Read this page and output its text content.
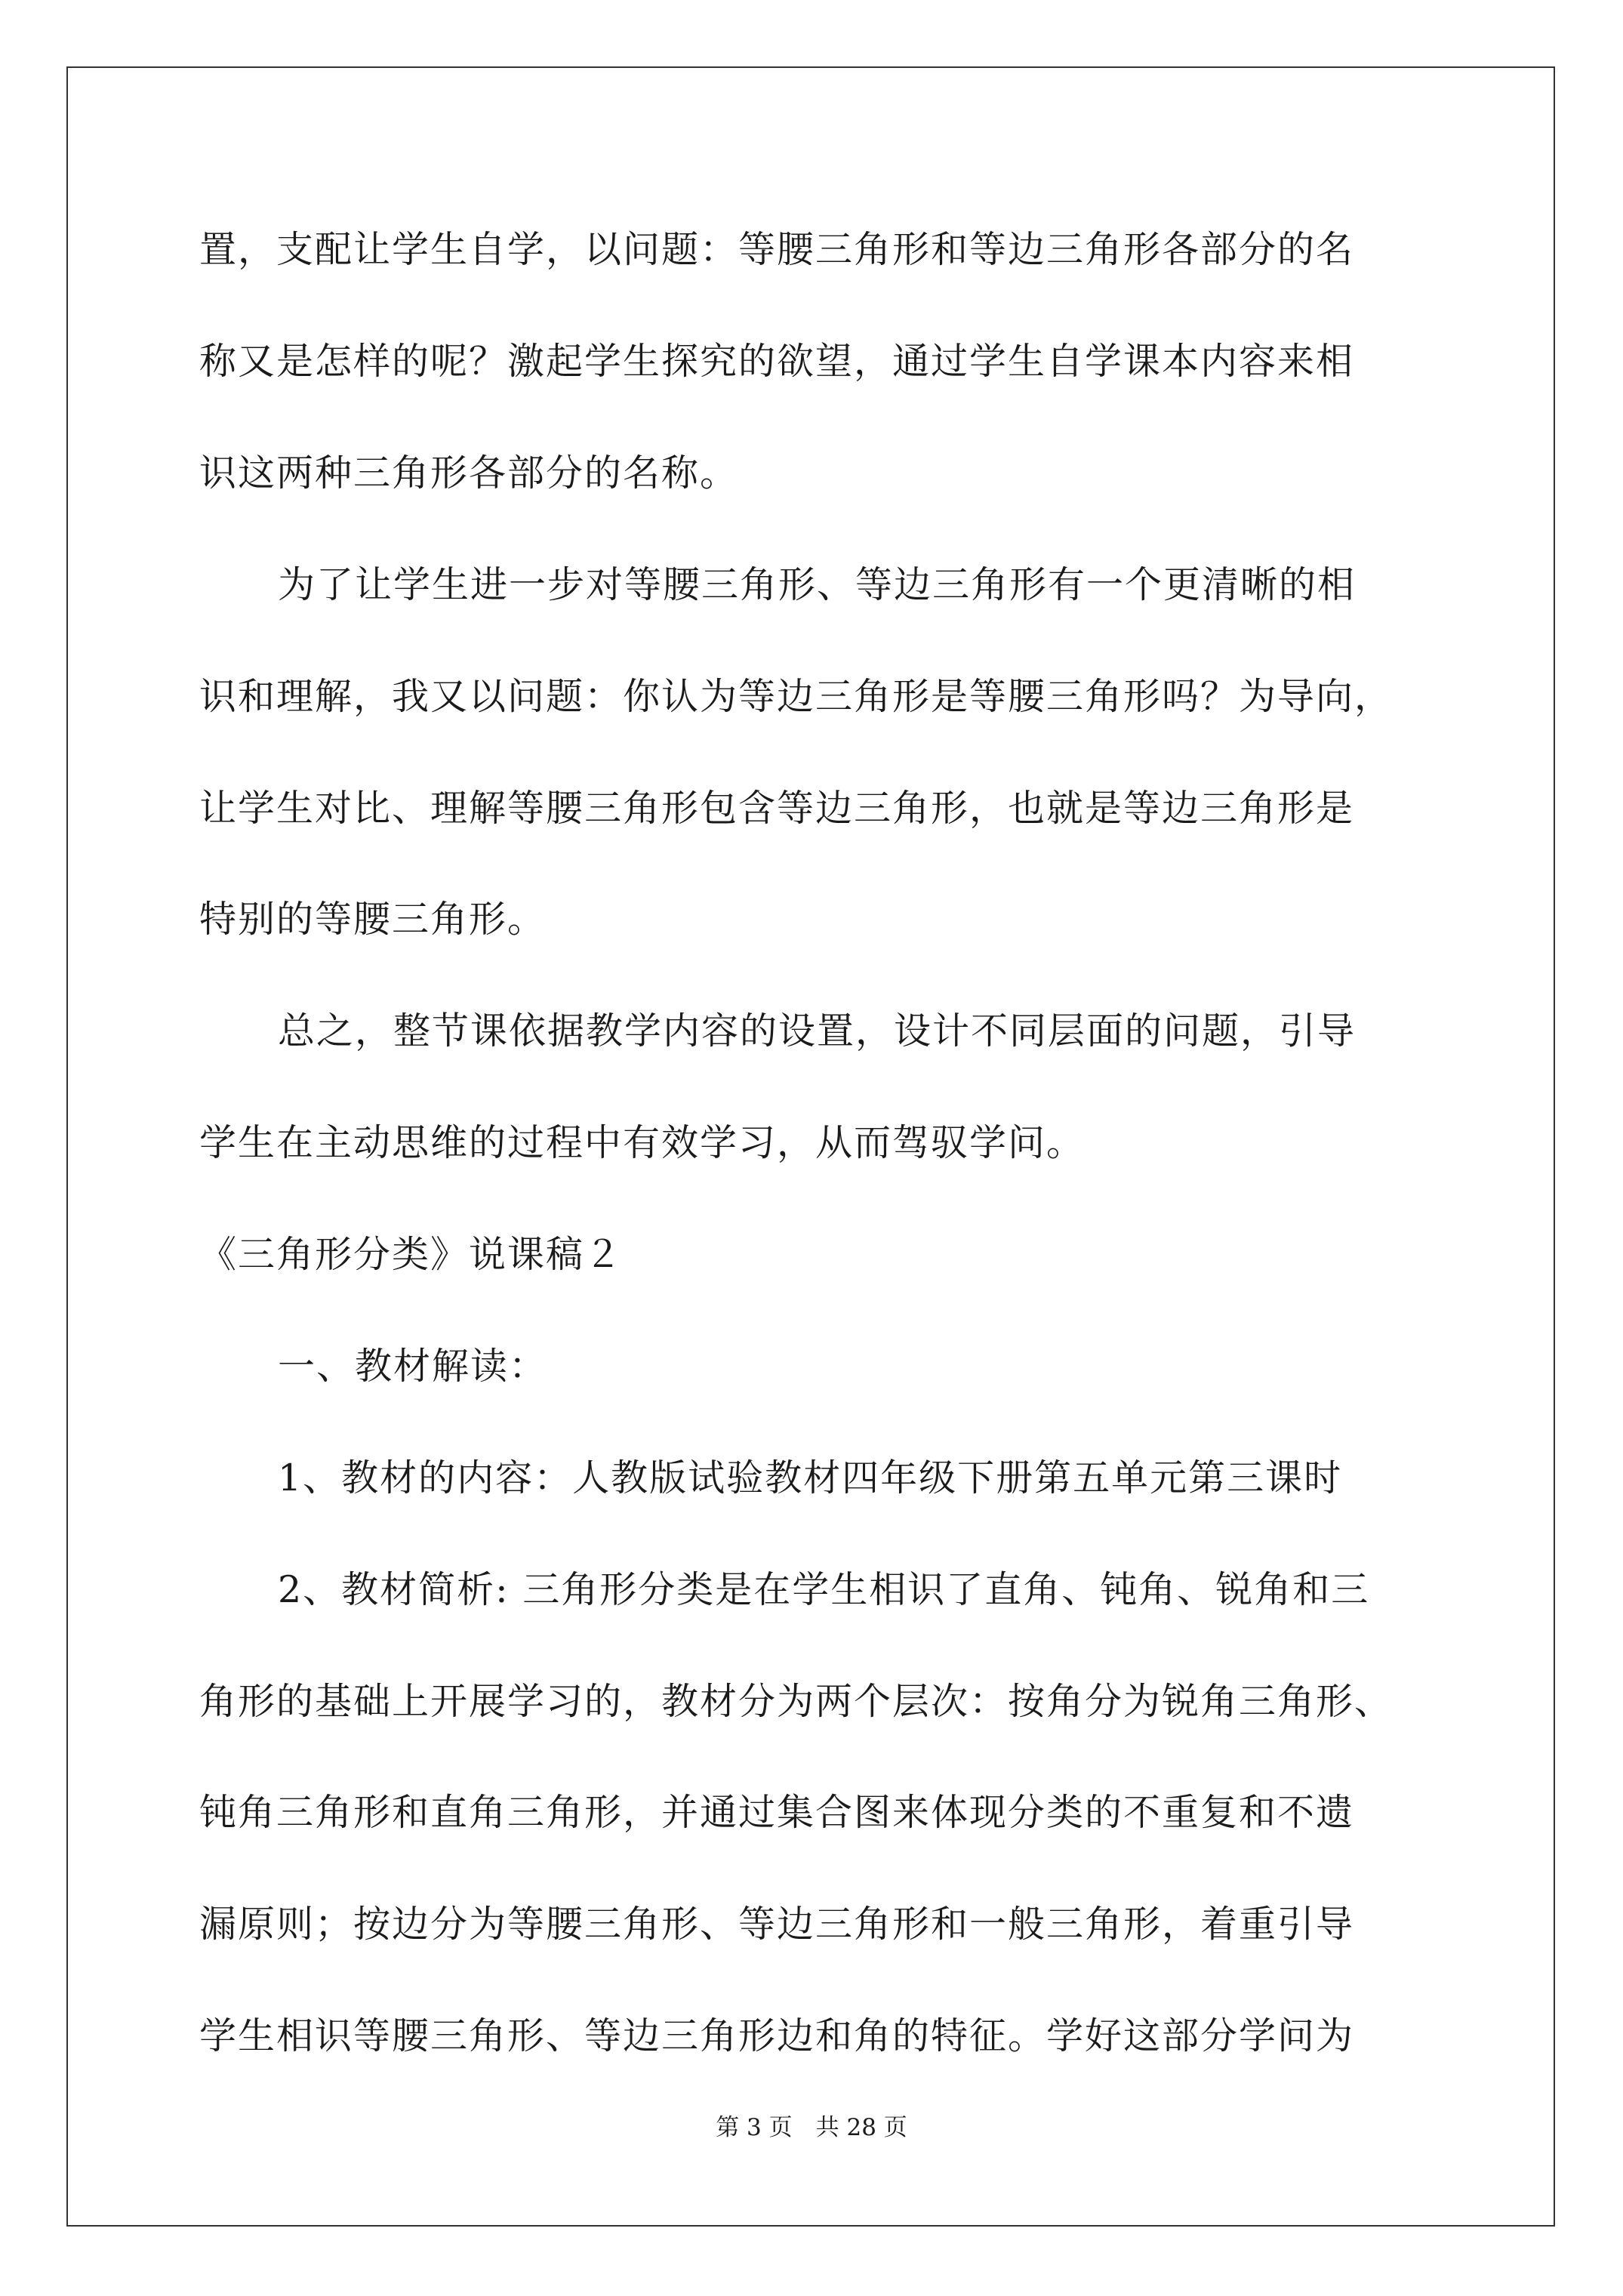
置，支配让学生自学，以问题：等腰三角形和等边三角形各部分的名

称又是怎样的呢？激起学生探究的欲望，通过学生自学课本内容来相

识这两种三角形各部分的名称。

为了让学生进一步对等腰三角形、等边三角形有一个更清晰的相

识和理解，我又以问题：你认为等边三角形是等腰三角形吗？为导向，

让学生对比、理解等腰三角形包含等边三角形，也就是等边三角形是

特别的等腰三角形。

总之，整节课依据教学内容的设置，设计不同层面的问题，引导

学生在主动思维的过程中有效学习，从而驾驭学问。

《三角形分类》说课稿２

一、教材解读：

1、教材的内容：人教版试验教材四年级下册第五单元第三课时

2、教材简析: 三角形分类是在学生相识了直角、钝角、锐角和三

角形的基础上开展学习的，教材分为两个层次：按角分为锐角三角形、

钝角三角形和直角三角形，并通过集合图来体现分类的不重复和不遗

漏原则；按边分为等腰三角形、等边三角形和一般三角形，着重引导

学生相识等腰三角形、等边三角形边和角的特征。学好这部分学问为

第 3 页　共 28 页
